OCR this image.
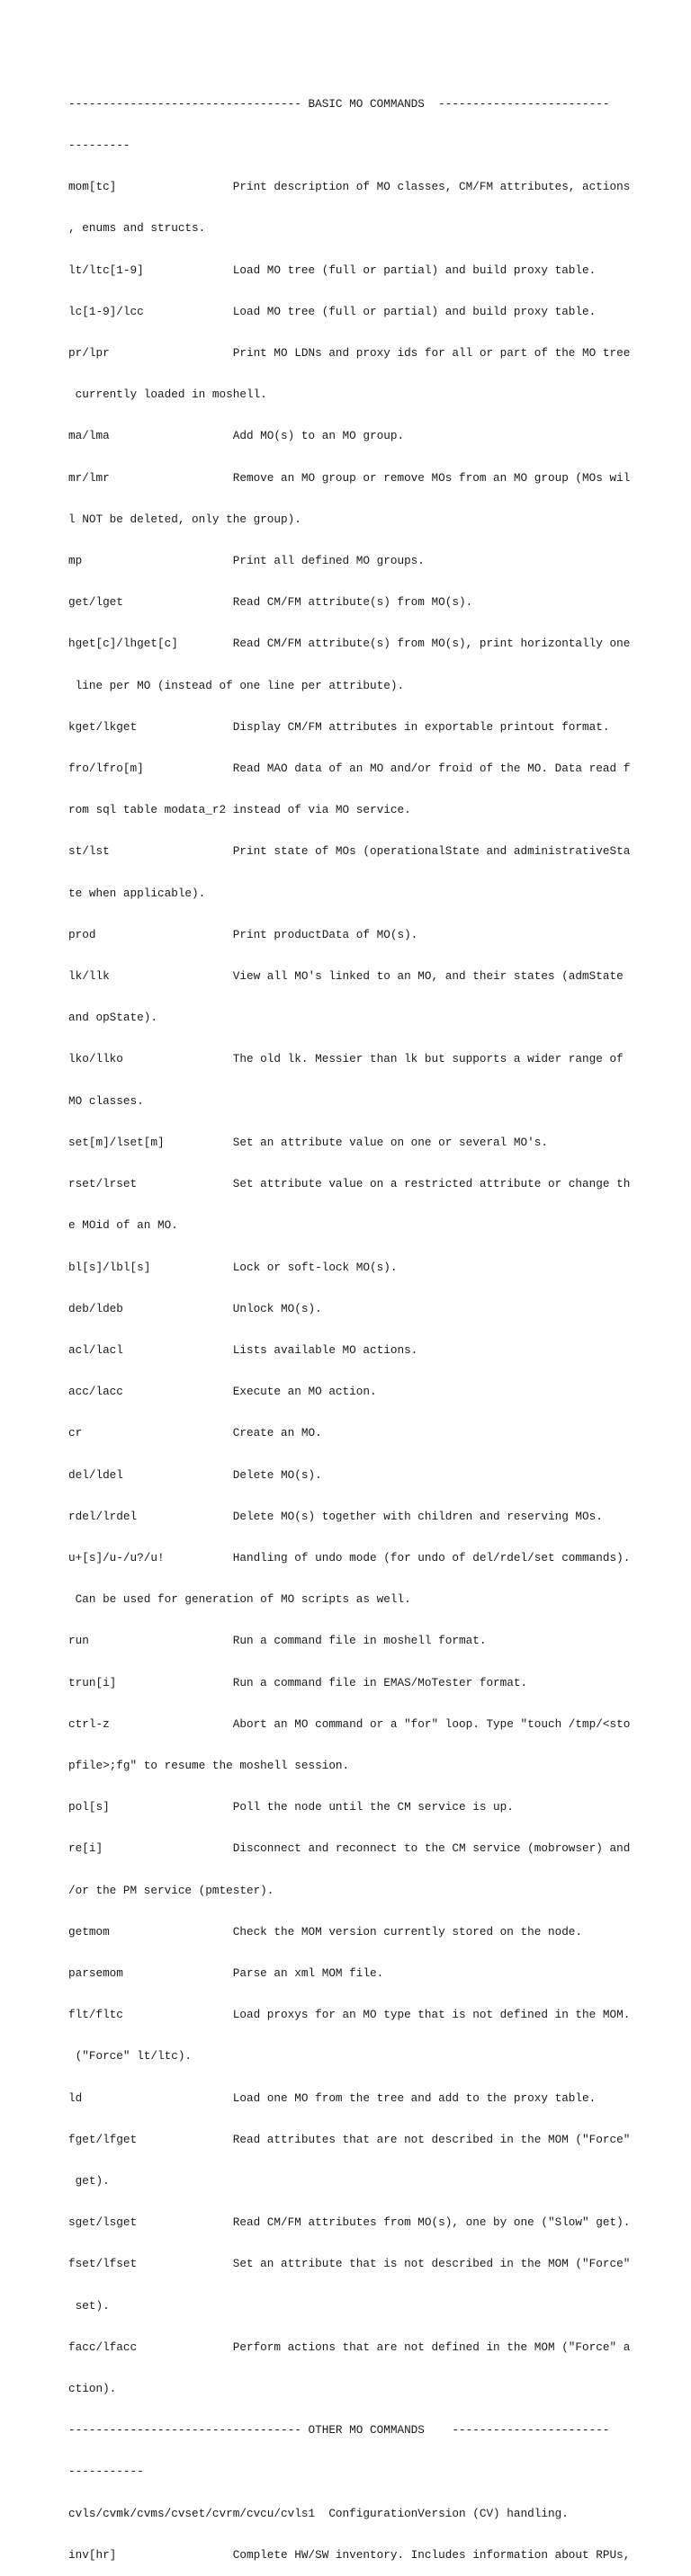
---------------------------------- BASIC MO COMMANDS  -------------------------

---------

mom[tc]                 Print description of MO classes, CM/FM attributes, actions

, enums and structs.

lt/ltc[1-9]             Load MO tree (full or partial) and build proxy table.

lc[1-9]/lcc             Load MO tree (full or partial) and build proxy table.

pr/lpr                  Print MO LDNs and proxy ids for all or part of the MO tree

currently loaded in moshell.

ma/lma                  Add MO(s) to an MO group.

mr/lmr                  Remove an MO group or remove MOs from an MO group (MOs wil

l NOT be deleted, only the group).

mp                      Print all defined MO groups.

get/lget                Read CM/FM attribute(s) from MO(s).

hget[c]/lhget[c]        Read CM/FM attribute(s) from MO(s), print horizontally one

line per MO (instead of one line per attribute).

kget/lkget              Display CM/FM attributes in exportable printout format.

fro/lfro[m]             Read MAO data of an MO and/or froid of the MO. Data read f

rom sql table modata_r2 instead of via MO service.

st/lst                  Print state of MOs (operationalState and administrativeSta

te when applicable).

prod                    Print productData of MO(s).

lk/llk                  View all MO's linked to an MO, and their states (admState

and opState).

lko/llko                The old lk. Messier than lk but supports a wider range of

MO classes.

set[m]/lset[m]          Set an attribute value on one or several MO's.

rset/lrset              Set attribute value on a restricted attribute or change th

e MOid of an MO.

bl[s]/lbl[s]            Lock or soft-lock MO(s).

deb/ldeb                Unlock MO(s).

acl/lacl                Lists available MO actions.

acc/lacc                Execute an MO action.

cr                      Create an MO.

del/ldel                Delete MO(s).

rdel/lrdel              Delete MO(s) together with children and reserving MOs.

u+[s]/u-/u?/u!          Handling of undo mode (for undo of del/rdel/set commands).

Can be used for generation of MO scripts as well.

run                     Run a command file in moshell format.

trun[i]                 Run a command file in EMAS/MoTester format.

ctrl-z                  Abort an MO command or a "for" loop. Type "touch /tmp/<sto

pfile>;fg" to resume the moshell session.

pol[s]                  Poll the node until the CM service is up.

re[i]                   Disconnect and reconnect to the CM service (mobrowser) and

/or the PM service (pmtester).

getmom                  Check the MOM version currently stored on the node.

parsemom                Parse an xml MOM file.

flt/fltc                Load proxys for an MO type that is not defined in the MOM.

("Force" lt/ltc).

ld                      Load one MO from the tree and add to the proxy table.

fget/lfget              Read attributes that are not described in the MOM ("Force"

get).

sget/lsget              Read CM/FM attributes from MO(s), one by one ("Slow" get).

fset/lfset              Set an attribute that is not described in the MOM ("Force"

set).

facc/lfacc              Perform actions that are not defined in the MOM ("Force" a

ction).

---------------------------------- OTHER MO COMMANDS    -----------------------

-----------

cvls/cvmk/cvms/cvset/cvrm/cvcu/cvls1  ConfigurationVersion (CV) handling.

inv[hr]                 Complete HW/SW inventory. Includes information about RPUs,
